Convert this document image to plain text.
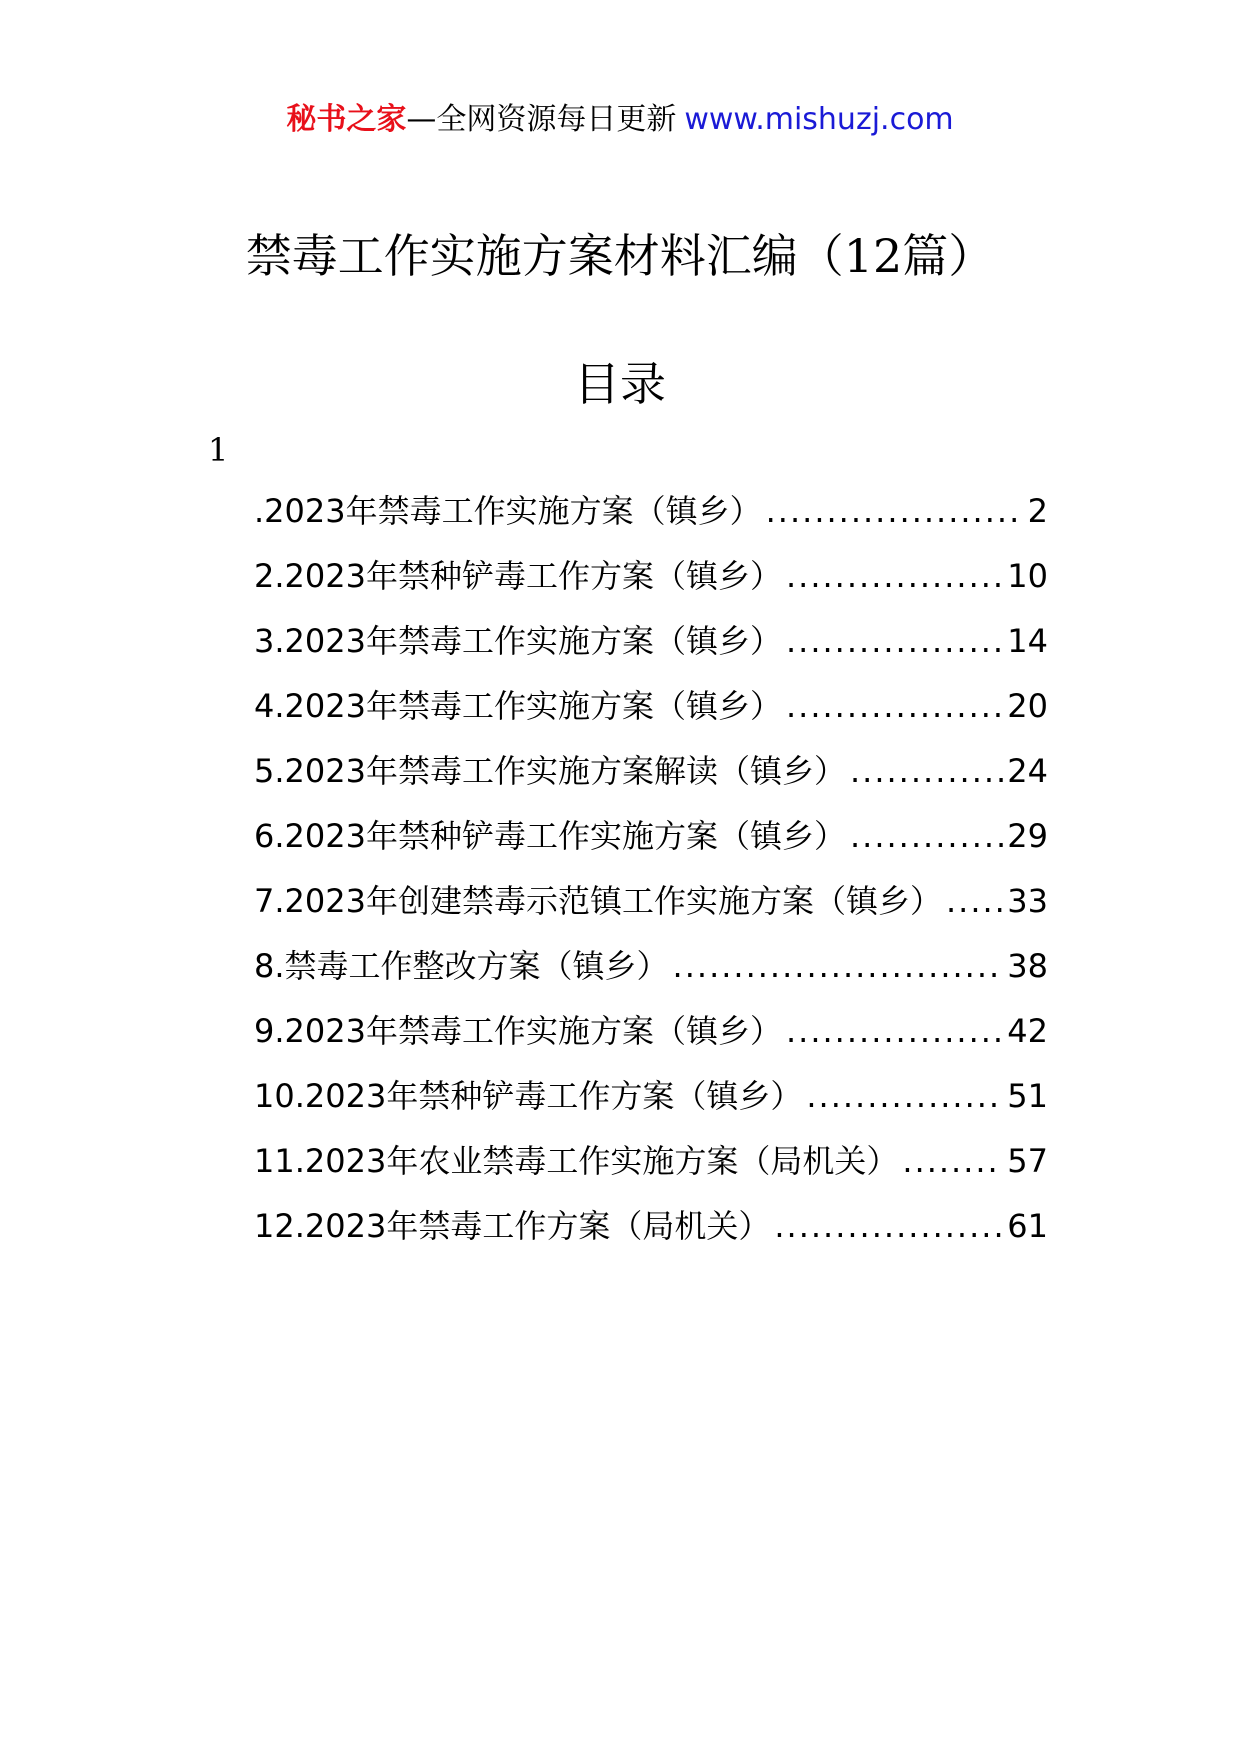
秘书之家—全网资源每日更新 www.mishuzj.com
禁毒工作实施方案材料汇编（12篇）
目录
1
.2023年禁毒工作实施方案（镇乡） .....	2
2.2023年禁种铲毒工作方案（镇乡） .....	10
3.2023年禁毒工作实施方案（镇乡） .....	14
4.2023年禁毒工作实施方案（镇乡） .....	20
5.2023年禁毒工作实施方案解读（镇乡） .....	24
6.2023年禁种铲毒工作实施方案（镇乡） .....	29
7.2023年创建禁毒示范镇工作实施方案（镇乡） ..... 33
8.禁毒工作整改方案（镇乡） .....	38
9.2023年禁毒工作实施方案（镇乡） .....	42
10.2023年禁种铲毒工作方案（镇乡） .....	51
11.2023年农业禁毒工作实施方案（局机关） .....	57
12.2023年禁毒工作方案（局机关） .....	61
